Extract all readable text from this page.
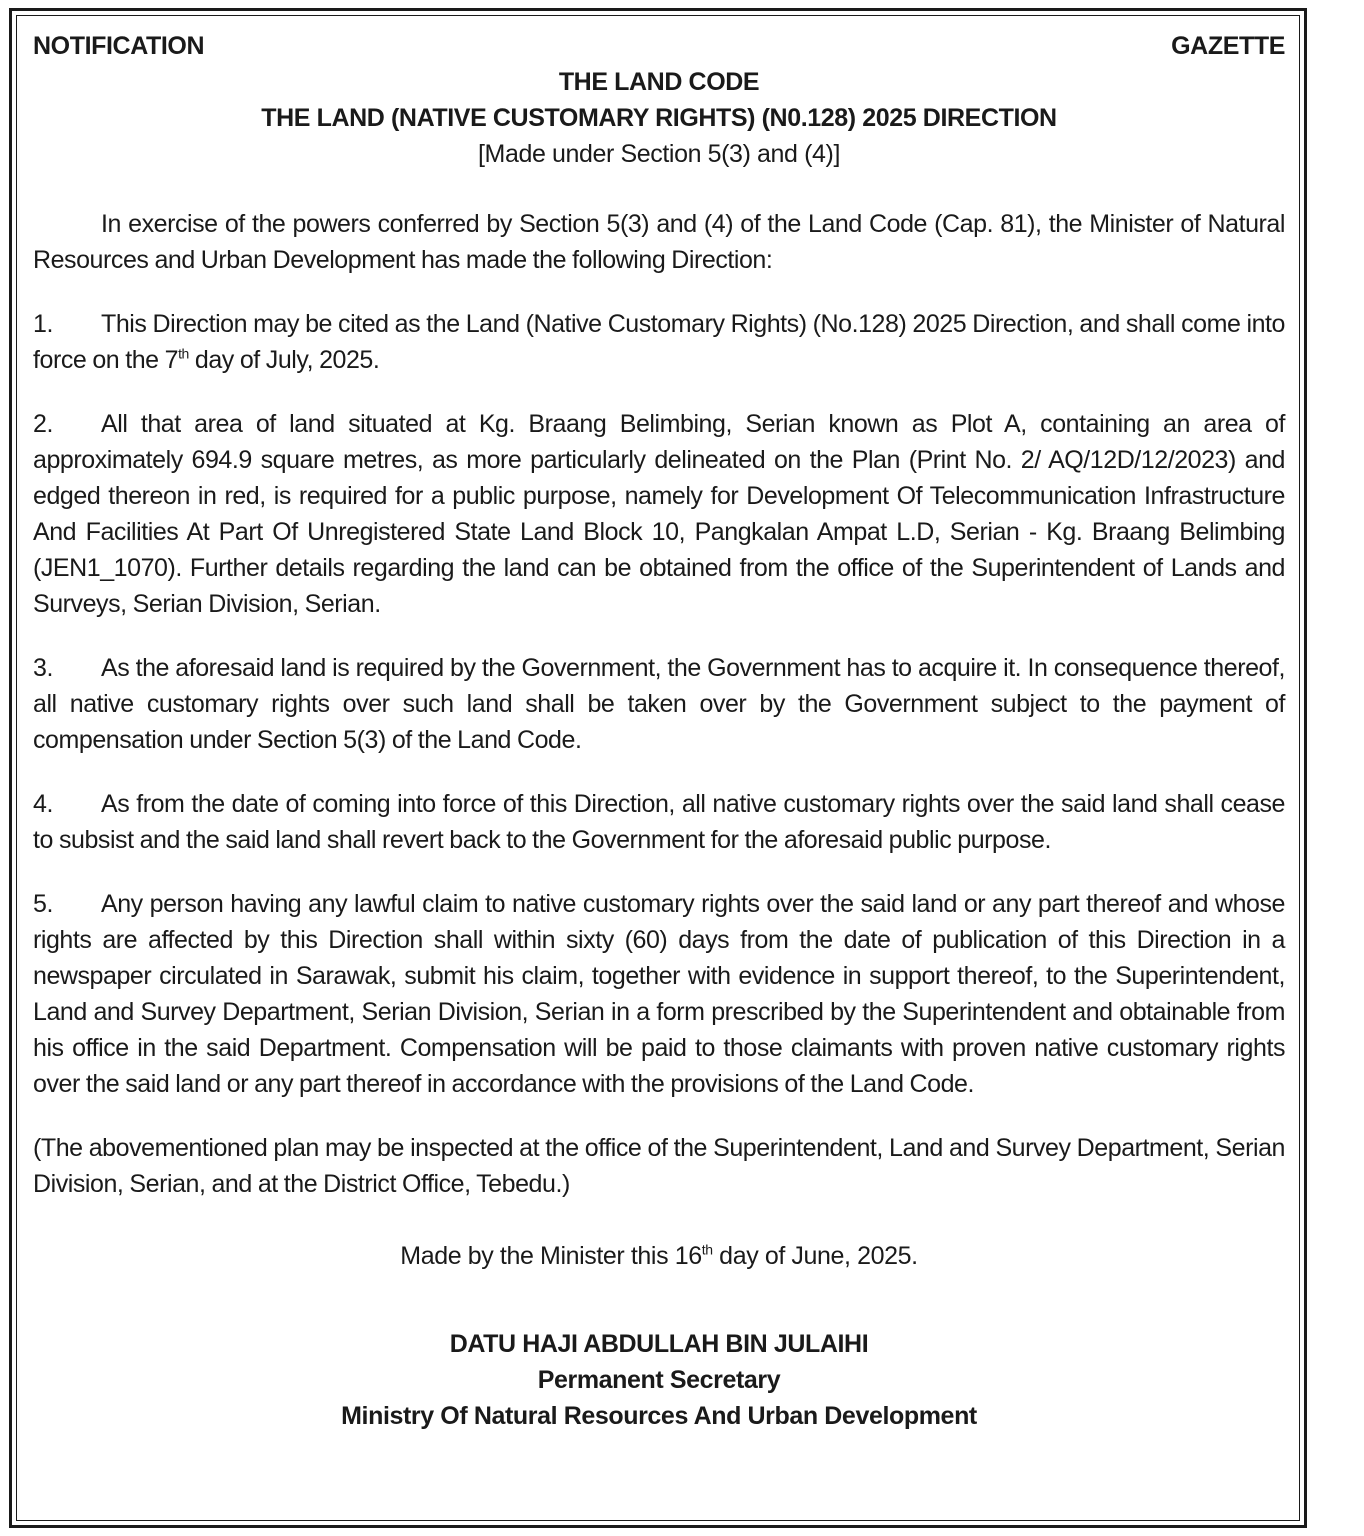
NOTIFICATION	GAZETTE
THE LAND CODE
THE LAND (NATIVE CUSTOMARY RIGHTS) (N0.128) 2025 DIRECTION
[Made under Section 5(3) and (4)]

In exercise of the powers conferred by Section 5(3) and (4) of the Land Code (Cap. 81), the Minister of Natural Resources and Urban Development has made the following Direction:

1. This Direction may be cited as the Land (Native Customary Rights) (No.128) 2025 Direction, and shall come into force on the 7th day of July, 2025.

2. All that area of land situated at Kg. Braang Belimbing, Serian known as Plot A, containing an area of approximately 694.9 square metres, as more particularly delineated on the Plan (Print No. 2/ AQ/12D/12/2023) and edged thereon in red, is required for a public purpose, namely for Development Of Telecommunication Infrastructure And Facilities At Part Of Unregistered State Land Block 10, Pangkalan Ampat L.D, Serian - Kg. Braang Belimbing (JEN1_1070). Further details regarding the land can be obtained from the office of the Superintendent of Lands and Surveys, Serian Division, Serian.

3. As the aforesaid land is required by the Government, the Government has to acquire it. In consequence thereof, all native customary rights over such land shall be taken over by the Government subject to the payment of compensation under Section 5(3) of the Land Code.

4. As from the date of coming into force of this Direction, all native customary rights over the said land shall cease to subsist and the said land shall revert back to the Government for the aforesaid public purpose.

5. Any person having any lawful claim to native customary rights over the said land or any part thereof and whose rights are affected by this Direction shall within sixty (60) days from the date of publication of this Direction in a newspaper circulated in Sarawak, submit his claim, together with evidence in support thereof, to the Superintendent, Land and Survey Department, Serian Division, Serian in a form prescribed by the Superintendent and obtainable from his office in the said Department. Compensation will be paid to those claimants with proven native customary rights over the said land or any part thereof in accordance with the provisions of the Land Code.

(The abovementioned plan may be inspected at the office of the Superintendent, Land and Survey Department, Serian Division, Serian, and at the District Office, Tebedu.)

Made by the Minister this 16th day of June, 2025.
DATU HAJI ABDULLAH BIN JULAIHI
Permanent Secretary
Ministry Of Natural Resources And Urban Development
